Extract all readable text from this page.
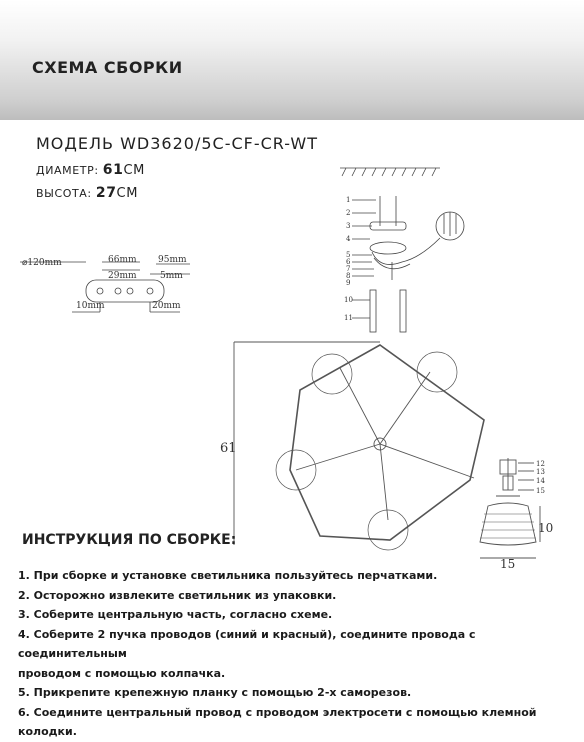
СХЕМА СБОРКИ
МОДЕЛЬ WD3620/5C-CF-CR-WT
ДИАМЕТР: 61СМ
ВЫСОТА: 27СМ
⌀120mm	66mm 95mm
29mm	5mm
10mm	20mm
1
2
3
4
5
6
7
8
9
10
11
61
10
15
12
13
14
15
ИНСТРУКЦИЯ ПО СБОРКЕ:
1. При сборке и установке светильника пользуйтесь перчатками.
2. Осторожно извлеките светильник из упаковки.
3. Соберите центральную часть, согласно схеме.
4. Соберите 2 пучка проводов (синий и красный), соедините провода с соединительным
проводом с помощью колпачка.
5. Прикрепите крепежную планку с помощью 2-х саморезов.
6. Соедините центральный провод с проводом электросети с помощью клемной колодки.
